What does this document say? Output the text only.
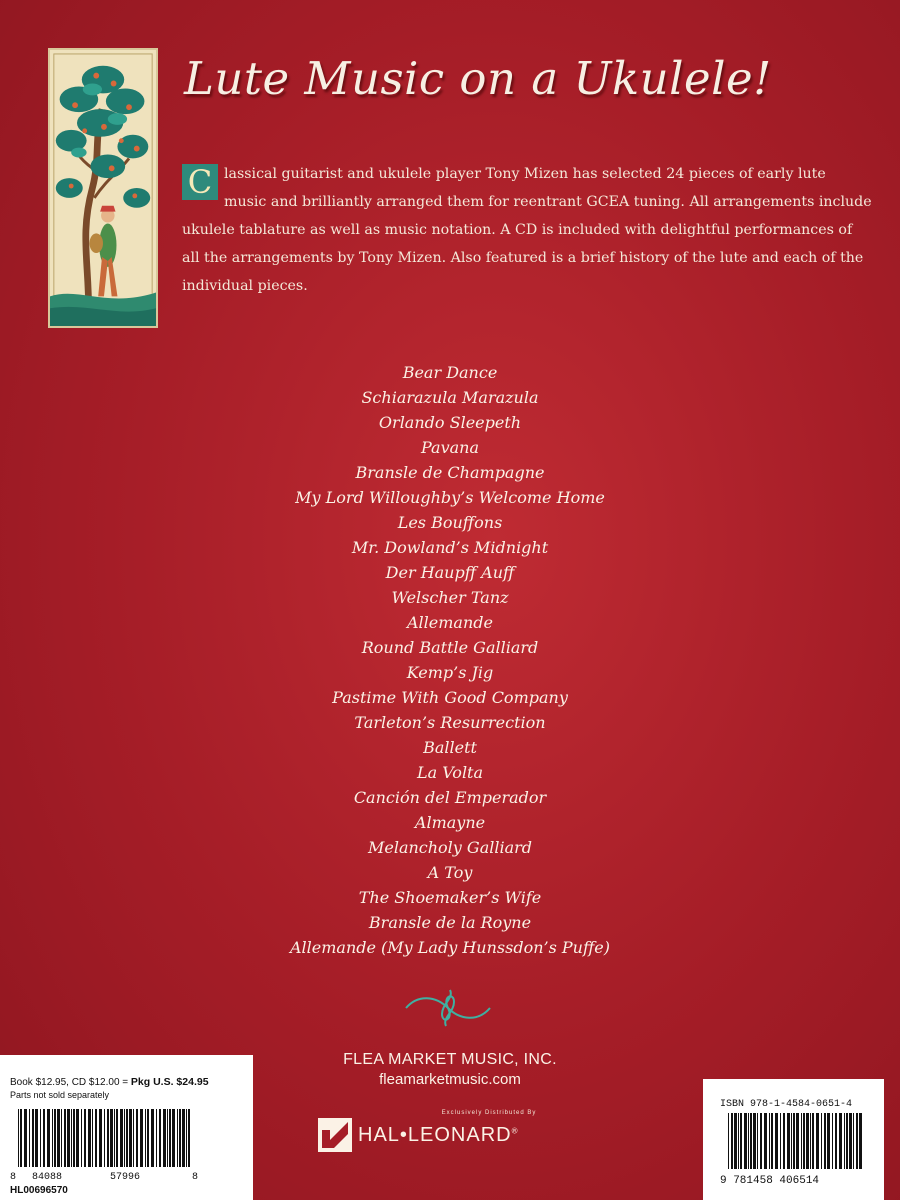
Lute Music on a Ukulele!
C lassical guitarist and ukulele player Tony Mizen has selected 24 pieces of early lute music and brilliantly arranged them for reentrant GCEA tuning. All arrangements include ukulele tablature as well as music notation. A CD is included with delightful performances of all the arrangements by Tony Mizen. Also featured is a brief history of the lute and each of the individual pieces.
Bear Dance
Schiarazula Marazula
Orlando Sleepeth
Pavana
Bransle de Champagne
My Lord Willoughby’s Welcome Home
Les Bouffons
Mr. Dowland’s Midnight
Der Haupff Auff
Welscher Tanz
Allemande
Round Battle Galliard
Kemp’s Jig
Pastime With Good Company
Tarleton’s Resurrection
Ballett
La Volta
Canción del Emperador
Almayne
Melancholy Galliard
A Toy
The Shoemaker’s Wife
Bransle de la Royne
Allemande (My Lady Hunssdon’s Puffe)
FLEA MARKET MUSIC, INC.
fleamarketmusic.com
Exclusively Distributed By
HAL•LEONARD®
Book $12.95, CD $12.00 = Pkg U.S. $24.95
Parts not sold separately
8 84088	57996	8
HL00696570
ISBN 978-1-4584-0651-4
9 781458 406514
